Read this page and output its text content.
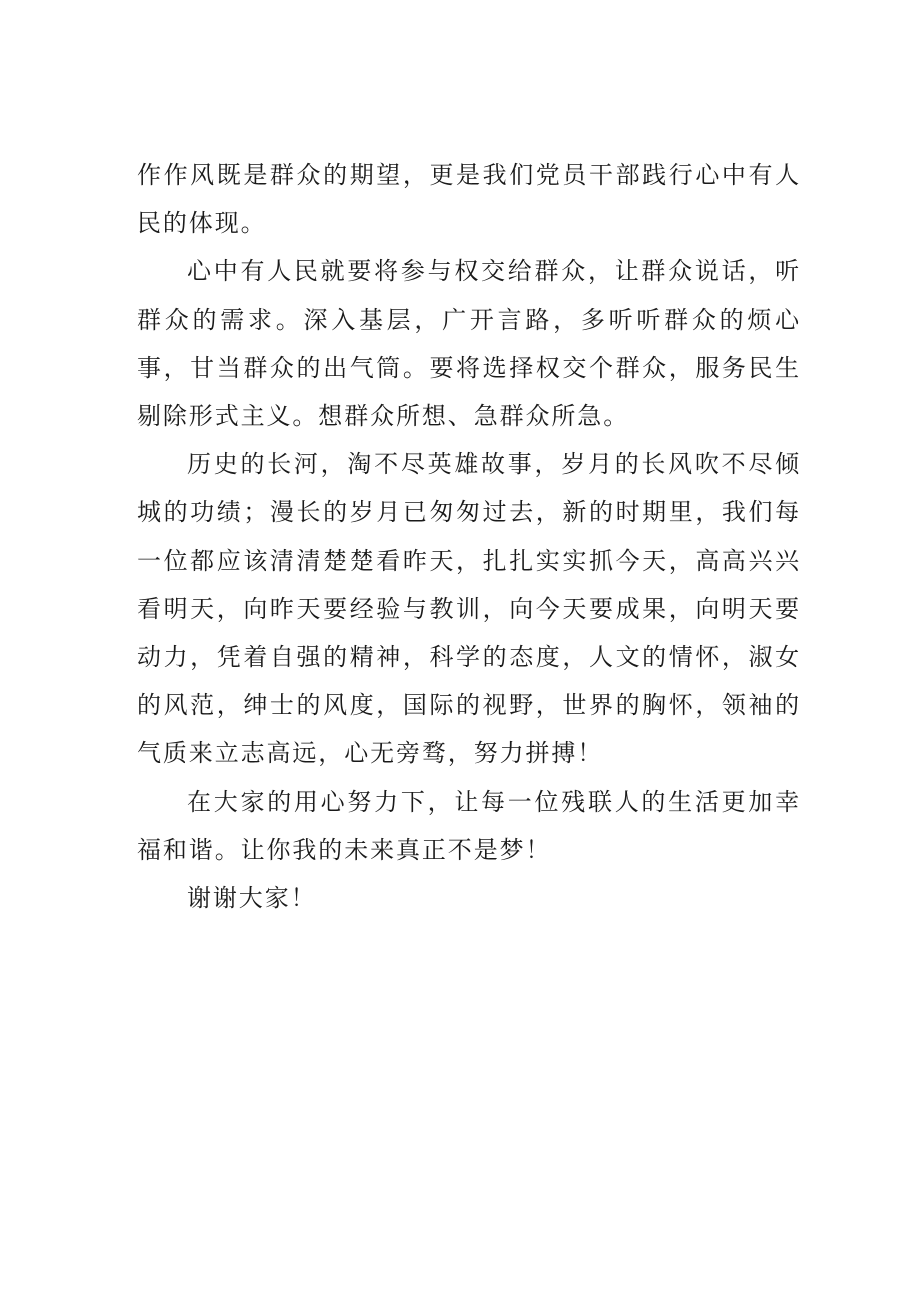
作作风既是群众的期望，更是我们党员干部践行心中有人民的体现。

心中有人民就要将参与权交给群众，让群众说话，听群众的需求。深入基层，广开言路，多听听群众的烦心事，甘当群众的出气筒。要将选择权交个群众，服务民生剔除形式主义。想群众所想、急群众所急。

历史的长河，淘不尽英雄故事，岁月的长风吹不尽倾城的功绩；漫长的岁月已匆匆过去，新的时期里，我们每一位都应该清清楚楚看昨天，扎扎实实抓今天，高高兴兴看明天，向昨天要经验与教训，向今天要成果，向明天要动力，凭着自强的精神，科学的态度，人文的情怀，淑女的风范，绅士的风度，国际的视野，世界的胸怀，领袖的气质来立志高远，心无旁骛，努力拼搏！

在大家的用心努力下，让每一位残联人的生活更加幸福和谐。让你我的未来真正不是梦！

谢谢大家！
